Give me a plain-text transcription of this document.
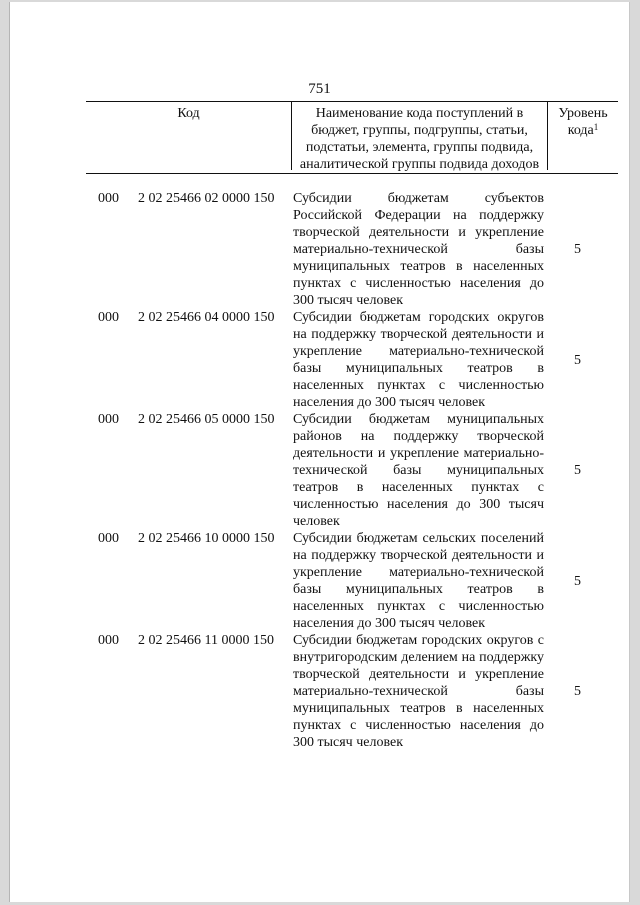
751
Код	Наименование кода поступлений в бюджет, группы, подгруппы, статьи, подстатьи, элемента, группы подвида, аналитической группы подвида доходов
Уровень кода$^1$
000 2 02 25466 02 0000 150 Субсидии бюджетам субъектов Российской Федерации на поддержку творческой деятельности и укрепление материально-технической базы муниципальных театров в населенных пунктах с численностью населения до 300 тысяч человек
5
000 2 02 25466 04 0000 150 Субсидии бюджетам городских округов на поддержку творческой деятельности и укрепление материально-технической базы муниципальных театров в населенных пунктах с численностью населения до 300 тысяч человек
5
000 2 02 25466 05 0000 150 Субсидии бюджетам муниципальных районов на поддержку творческой деятельности и укрепление материально-технической базы муниципальных театров в населенных пунктах с численностью населения до 300 тысяч человек
5
000 2 02 25466 10 0000 150 Субсидии бюджетам сельских поселений на поддержку творческой деятельности и укрепление материально-технической базы муниципальных театров в населенных пунктах с численностью населения до 300 тысяч человек
5
000 2 02 25466 11 0000 150 Субсидии бюджетам городских округов с внутригородским делением на поддержку творческой деятельности и укрепление материально-технической базы муниципальных театров в населенных пунктах с численностью населения до 300 тысяч человек
5
